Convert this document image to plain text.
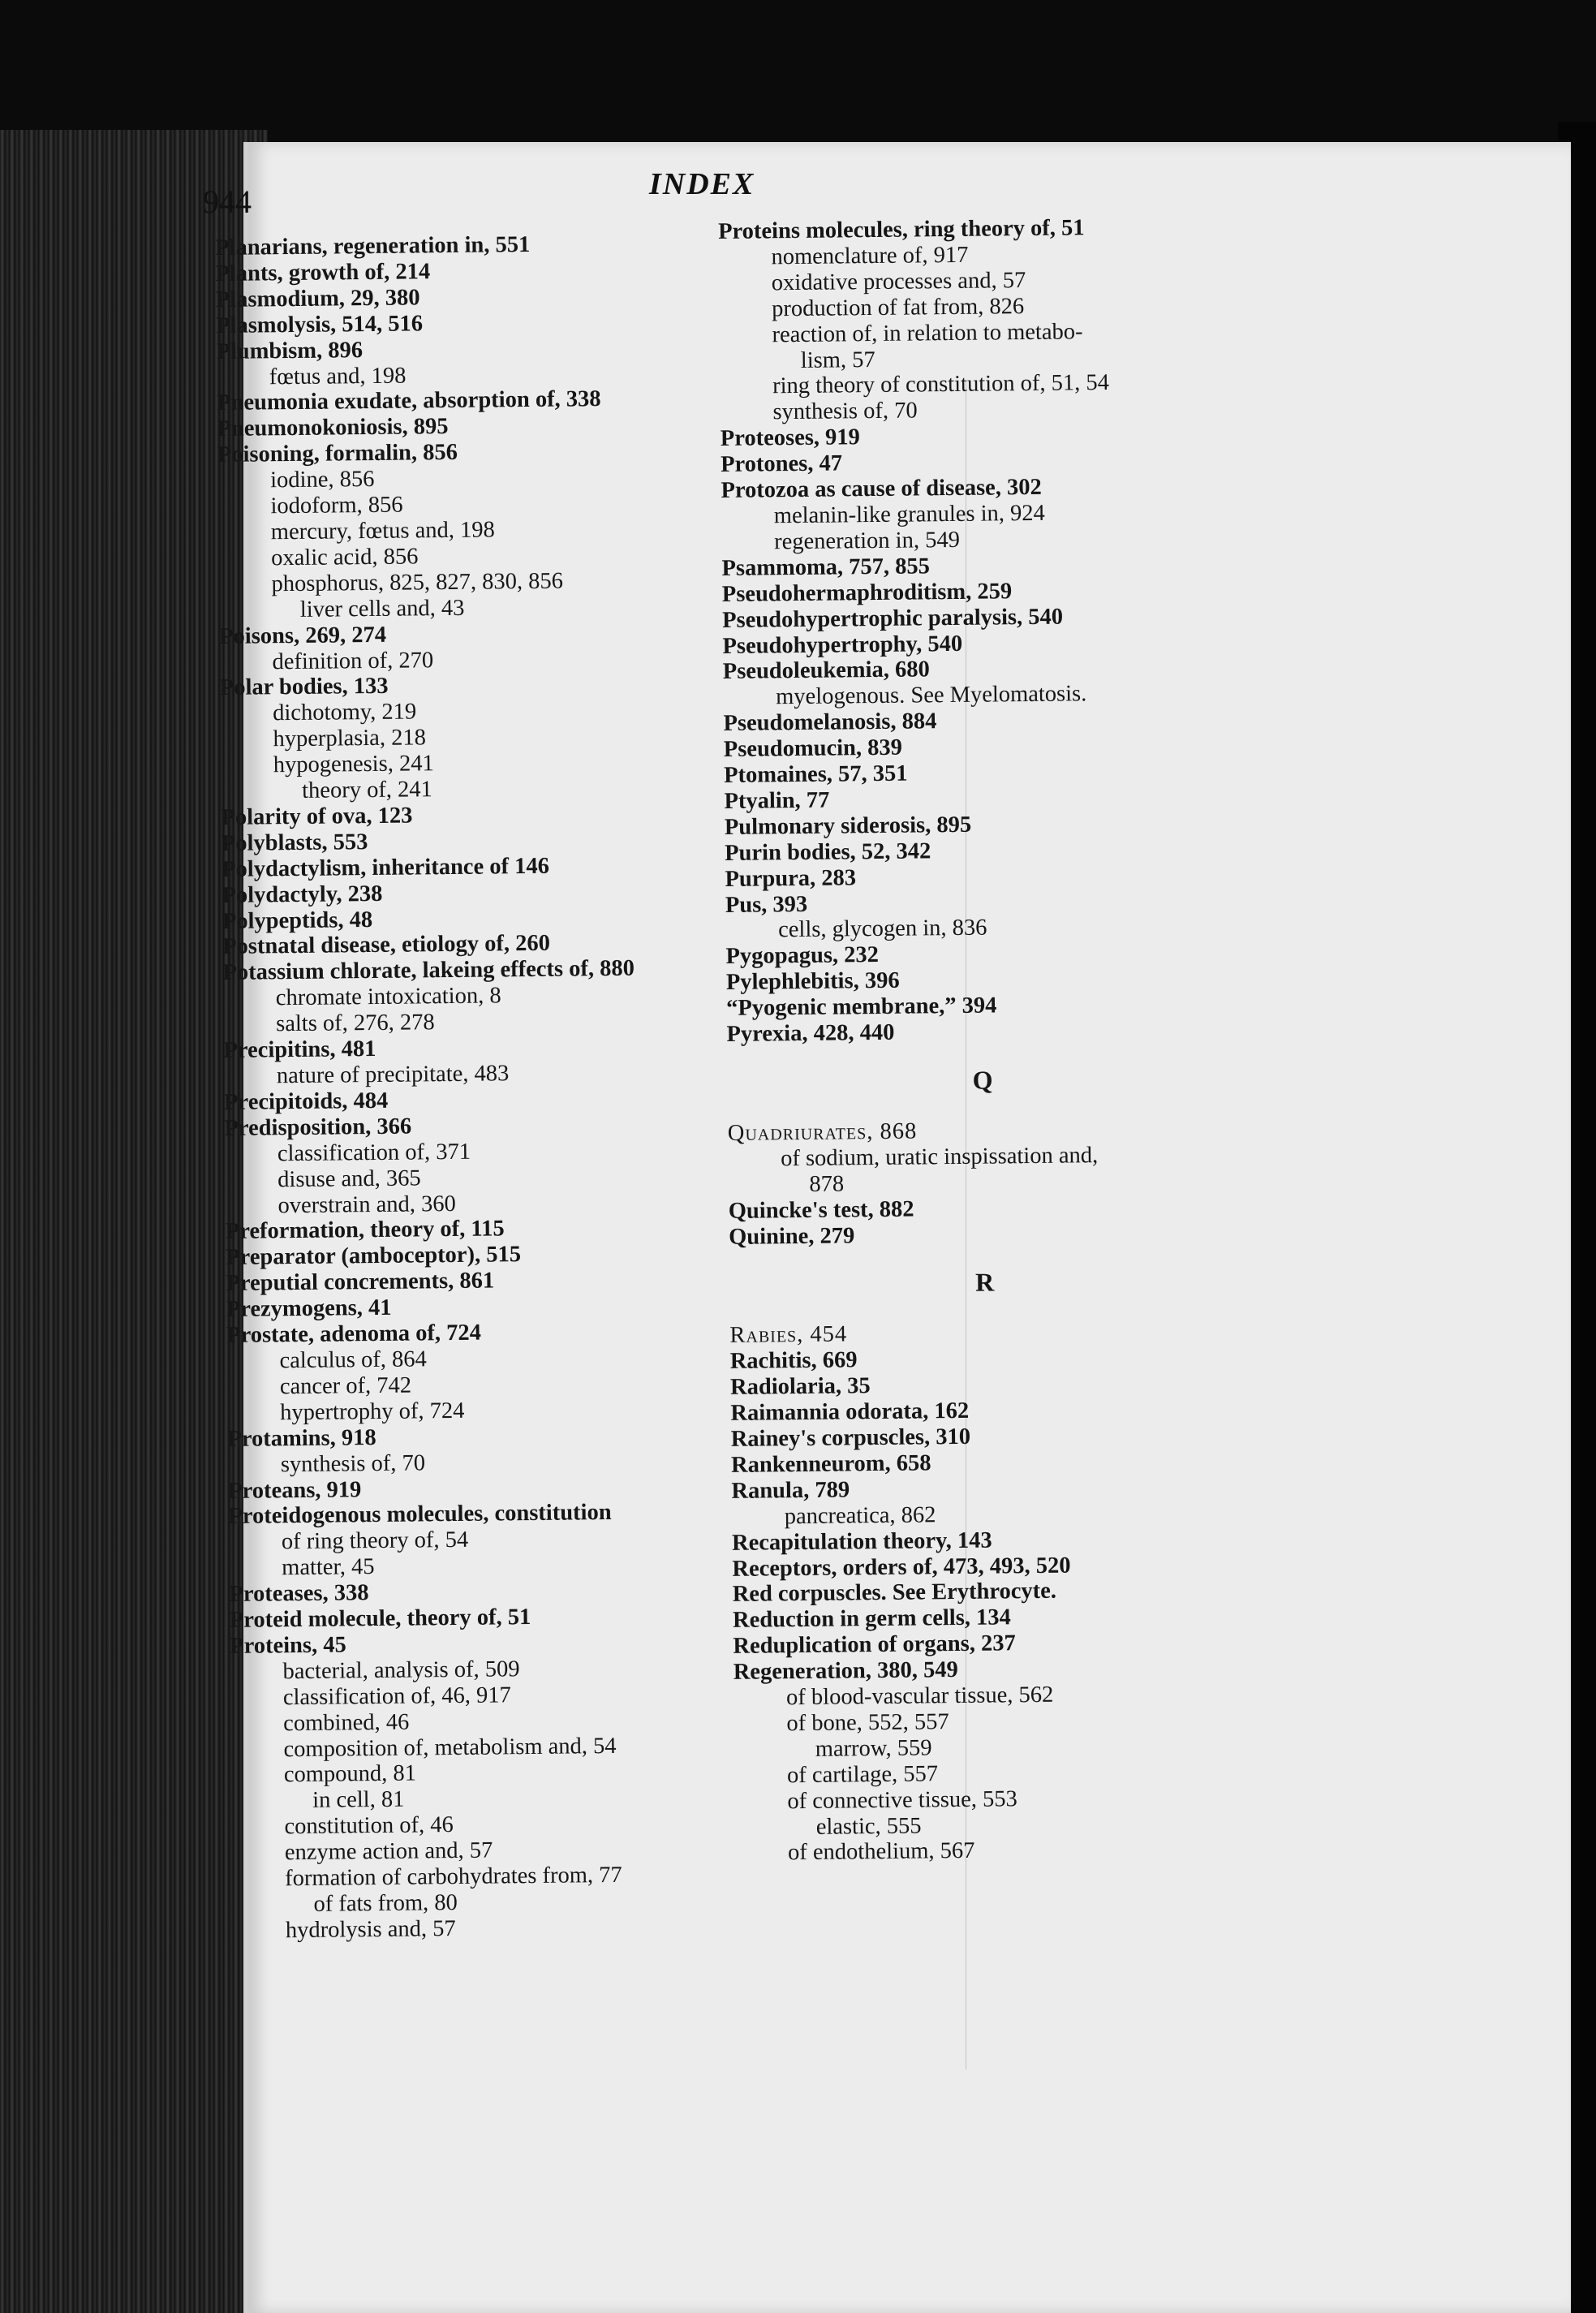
944	INDEX
Planarians, regeneration in, 551
Plants, growth of, 214
Plasmodium, 29, 380
Plasmolysis, 514, 516
Plumbism, 896
fœtus and, 198
Pneumonia exudate, absorption of, 338
Pneumonokoniosis, 895
Poisoning, formalin, 856
iodine, 856
iodoform, 856
mercury, fœtus and, 198
oxalic acid, 856
phosphorus, 825, 827, 830, 856
liver cells and, 43
Poisons, 269, 274
definition of, 270
Polar bodies, 133
dichotomy, 219
hyperplasia, 218
hypogenesis, 241
theory of, 241
Polarity of ova, 123
Polyblasts, 553
Polydactylism, inheritance of 146
Polydactyly, 238
Polypeptids, 48
Postnatal disease, etiology of, 260
Potassium chlorate, lakeing effects of, 880
chromate intoxication, 8
salts of, 276, 278
Precipitins, 481
nature of precipitate, 483
Precipitoids, 484
Predisposition, 366
classification of, 371
disuse and, 365
overstrain and, 360
Preformation, theory of, 115
Preparator (amboceptor), 515
Preputial concrements, 861
Prezymogens, 41
Prostate, adenoma of, 724
calculus of, 864
cancer of, 742
hypertrophy of, 724
Protamins, 918
synthesis of, 70
Proteans, 919
Proteidogenous molecules, constitution
of ring theory of, 54
matter, 45
Proteases, 338
Proteid molecule, theory of, 51
Proteins, 45
bacterial, analysis of, 509
classification of, 46, 917
combined, 46
composition of, metabolism and, 54
compound, 81
in cell, 81
constitution of, 46
enzyme action and, 57
formation of carbohydrates from, 77
of fats from, 80
hydrolysis and, 57
Proteins molecules, ring theory of, 51
nomenclature of, 917
oxidative processes and, 57
production of fat from, 826
reaction of, in relation to metabo-
lism, 57
ring theory of constitution of, 51, 54
synthesis of, 70
Proteoses, 919
Protones, 47
Protozoa as cause of disease, 302
melanin-like granules in, 924
regeneration in, 549
Psammoma, 757, 855
Pseudohermaphroditism, 259
Pseudohypertrophic paralysis, 540
Pseudohypertrophy, 540
Pseudoleukemia, 680
myelogenous. See Myelomatosis.
Pseudomelanosis, 884
Pseudomucin, 839
Ptomaines, 57, 351
Ptyalin, 77
Pulmonary siderosis, 895
Purin bodies, 52, 342
Purpura, 283
Pus, 393
cells, glycogen in, 836
Pygopagus, 232
Pylephlebitis, 396
“Pyogenic membrane,” 394
Pyrexia, 428, 440
Q
Quadriurates, 868
of sodium, uratic inspissation and,
878
Quincke's test, 882
Quinine, 279
R
Rabies, 454
Rachitis, 669
Radiolaria, 35
Raimannia odorata, 162
Rainey's corpuscles, 310
Rankenneurom, 658
Ranula, 789
pancreatica, 862
Recapitulation theory, 143
Receptors, orders of, 473, 493, 520
Red corpuscles. See Erythrocyte.
Reduction in germ cells, 134
Reduplication of organs, 237
Regeneration, 380, 549
of blood-vascular tissue, 562
of bone, 552, 557
marrow, 559
of cartilage, 557
of connective tissue, 553
elastic, 555
of endothelium, 567
